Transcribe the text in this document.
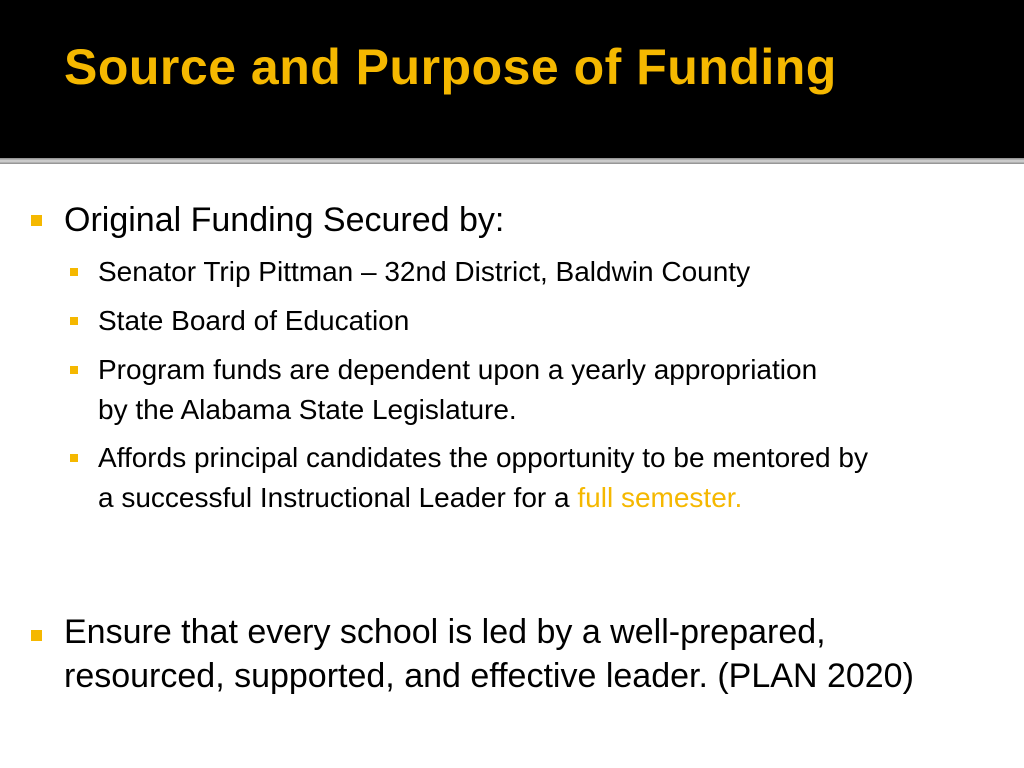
Source and Purpose of Funding
Original Funding Secured by:
Senator Trip Pittman – 32nd District, Baldwin County
State Board of Education
Program funds are dependent upon a yearly appropriation by the Alabama State Legislature.
Affords principal candidates the opportunity to be mentored by a successful Instructional Leader for a full semester.
Ensure that every school is led by a well-prepared, resourced, supported, and effective leader. (PLAN 2020)
